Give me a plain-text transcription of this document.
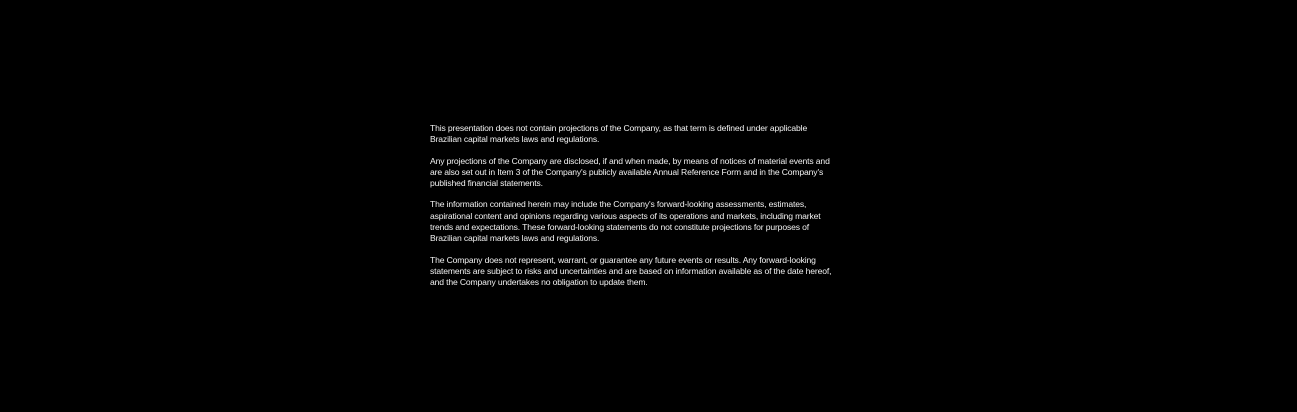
This presentation does not contain projections of the Company, as that term is defined under applicable
Brazilian capital markets laws and regulations.

Any projections of the Company are disclosed, if and when made, by means of notices of material events and
are also set out in Item 3 of the Company's publicly available Annual Reference Form and in the Company's
published financial statements.

The information contained herein may include the Company's forward-looking assessments, estimates,
aspirational content and opinions regarding various aspects of its operations and markets, including market
trends and expectations. These forward-looking statements do not constitute projections for purposes of
Brazilian capital markets laws and regulations.

The Company does not represent, warrant, or guarantee any future events or results. Any forward-looking
statements are subject to risks and uncertainties and are based on information available as of the date hereof,
and the Company undertakes no obligation to update them.
